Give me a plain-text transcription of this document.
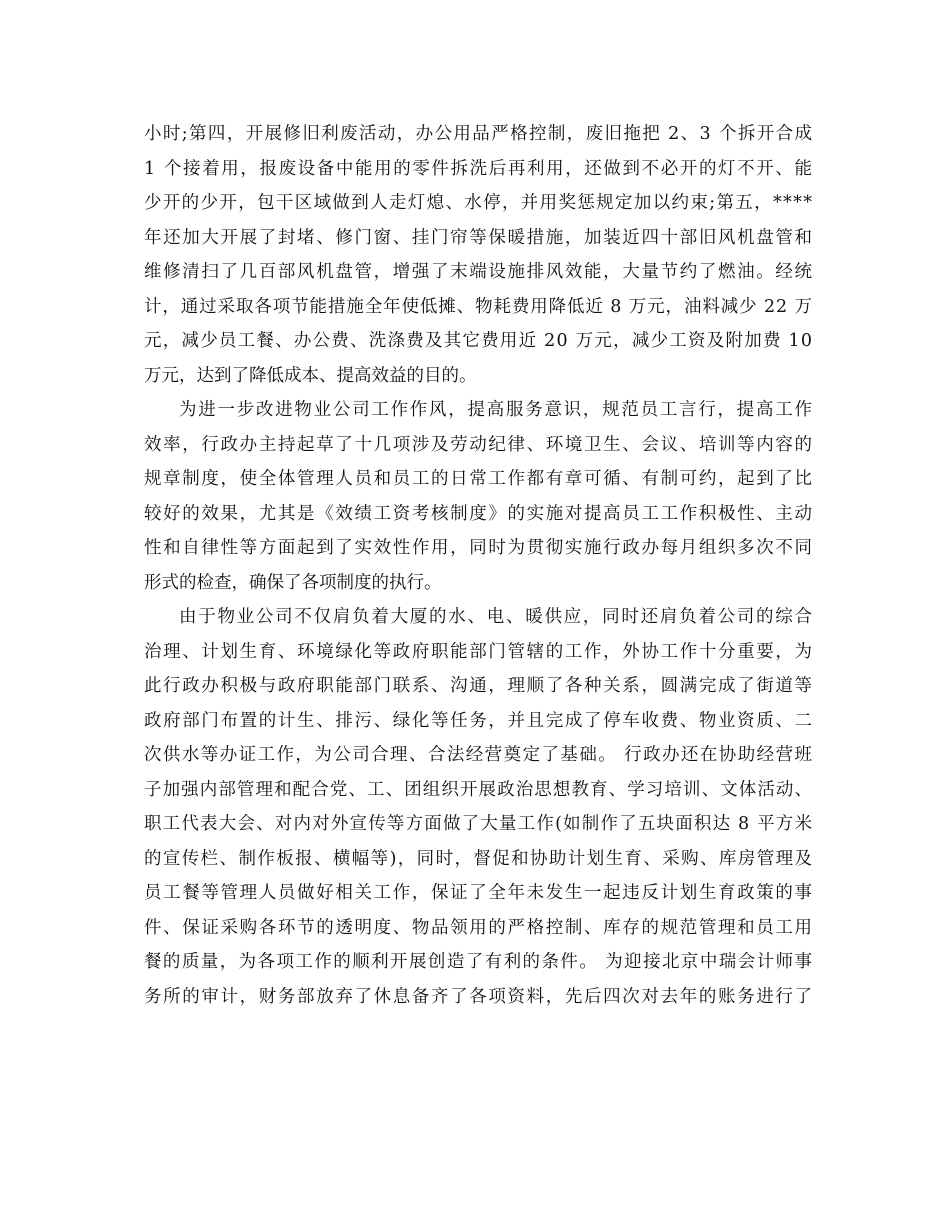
小时;第四，开展修旧利废活动，办公用品严格控制，废旧拖把 2、3 个拆开合成
1 个接着用，报废设备中能用的零件拆洗后再利用，还做到不必开的灯不开、能
少开的少开，包干区域做到人走灯熄、水停，并用奖惩规定加以约束;第五，****
年还加大开展了封堵、修门窗、挂门帘等保暖措施，加装近四十部旧风机盘管和
维修清扫了几百部风机盘管，增强了末端设施排风效能，大量节约了燃油。经统
计，通过采取各项节能措施全年使低摊、物耗费用降低近 8 万元，油料减少 22 万
元，减少员工餐、办公费、洗涤费及其它费用近 20 万元，减少工资及附加费 10
万元，达到了降低成本、提高效益的目的。
为进一步改进物业公司工作作风，提高服务意识，规范员工言行，提高工作
效率，行政办主持起草了十几项涉及劳动纪律、环境卫生、会议、培训等内容的
规章制度，使全体管理人员和员工的日常工作都有章可循、有制可约，起到了比
较好的效果，尤其是《效绩工资考核制度》的实施对提高员工工作积极性、主动
性和自律性等方面起到了实效性作用，同时为贯彻实施行政办每月组织多次不同
形式的检查，确保了各项制度的执行。
由于物业公司不仅肩负着大厦的水、电、暖供应，同时还肩负着公司的综合
治理、计划生育、环境绿化等政府职能部门管辖的工作，外协工作十分重要，为
此行政办积极与政府职能部门联系、沟通，理顺了各种关系，圆满完成了街道等
政府部门布置的计生、排污、绿化等任务，并且完成了停车收费、物业资质、二
次供水等办证工作，为公司合理、合法经营奠定了基础。 行政办还在协助经营班
子加强内部管理和配合党、工、团组织开展政治思想教育、学习培训、文体活动、
职工代表大会、对内对外宣传等方面做了大量工作(如制作了五块面积达 8 平方米
的宣传栏、制作板报、横幅等)，同时，督促和协助计划生育、采购、库房管理及
员工餐等管理人员做好相关工作，保证了全年未发生一起违反计划生育政策的事
件、保证采购各环节的透明度、物品领用的严格控制、库存的规范管理和员工用
餐的质量，为各项工作的顺利开展创造了有利的条件。 为迎接北京中瑞会计师事
务所的审计，财务部放弃了休息备齐了各项资料，先后四次对去年的账务进行了
